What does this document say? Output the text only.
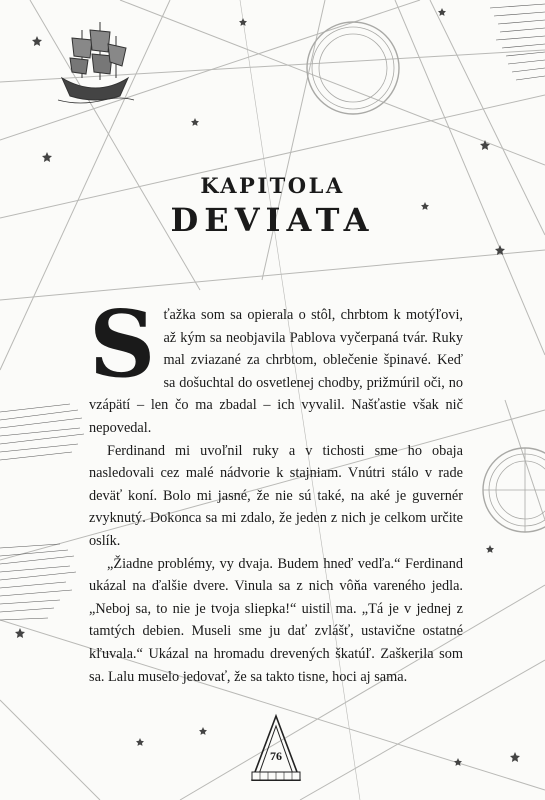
KAPITOLA
DEVIATA

Sťažka som sa opierala o stôl, chrbtom k motýľovi, až kým sa neobjavila Pablova vyčerpaná tvár. Ruky mal zviazané za chrbtom, oblečenie špinavé. Keď sa došuchtal do osvetlenej chodby, prižmúril oči, no vzápätí – len čo ma zbadal – ich vyvalil. Našťastie však nič nepovedal.

Ferdinand mi uvoľnil ruky a v tichosti sme ho obaja nasledovali cez malé nádvorie k stajniam. Vnútri stálo v rade deväť koní. Bolo mi jasné, že nie sú také, na aké je guvernér zvyknutý. Dokonca sa mi zdalo, že jeden z nich je celkom určite oslík.

„Žiadne problémy, vy dvaja. Budem hneď vedľa.“ Ferdinand ukázal na ďalšie dvere. Vinula sa z nich vôňa vareného jedla. „Neboj sa, to nie je tvoja sliepka!“ uistil ma. „Tá je v jednej z tamtých debien. Museli sme ju dať zvlášť, ustavične ostatné kľuvala.“ Ukázal na hromadu drevených škatúľ. Zaškerila som sa. Lalu muselo jedovať, že sa takto tisne, hoci aj sama.

76
